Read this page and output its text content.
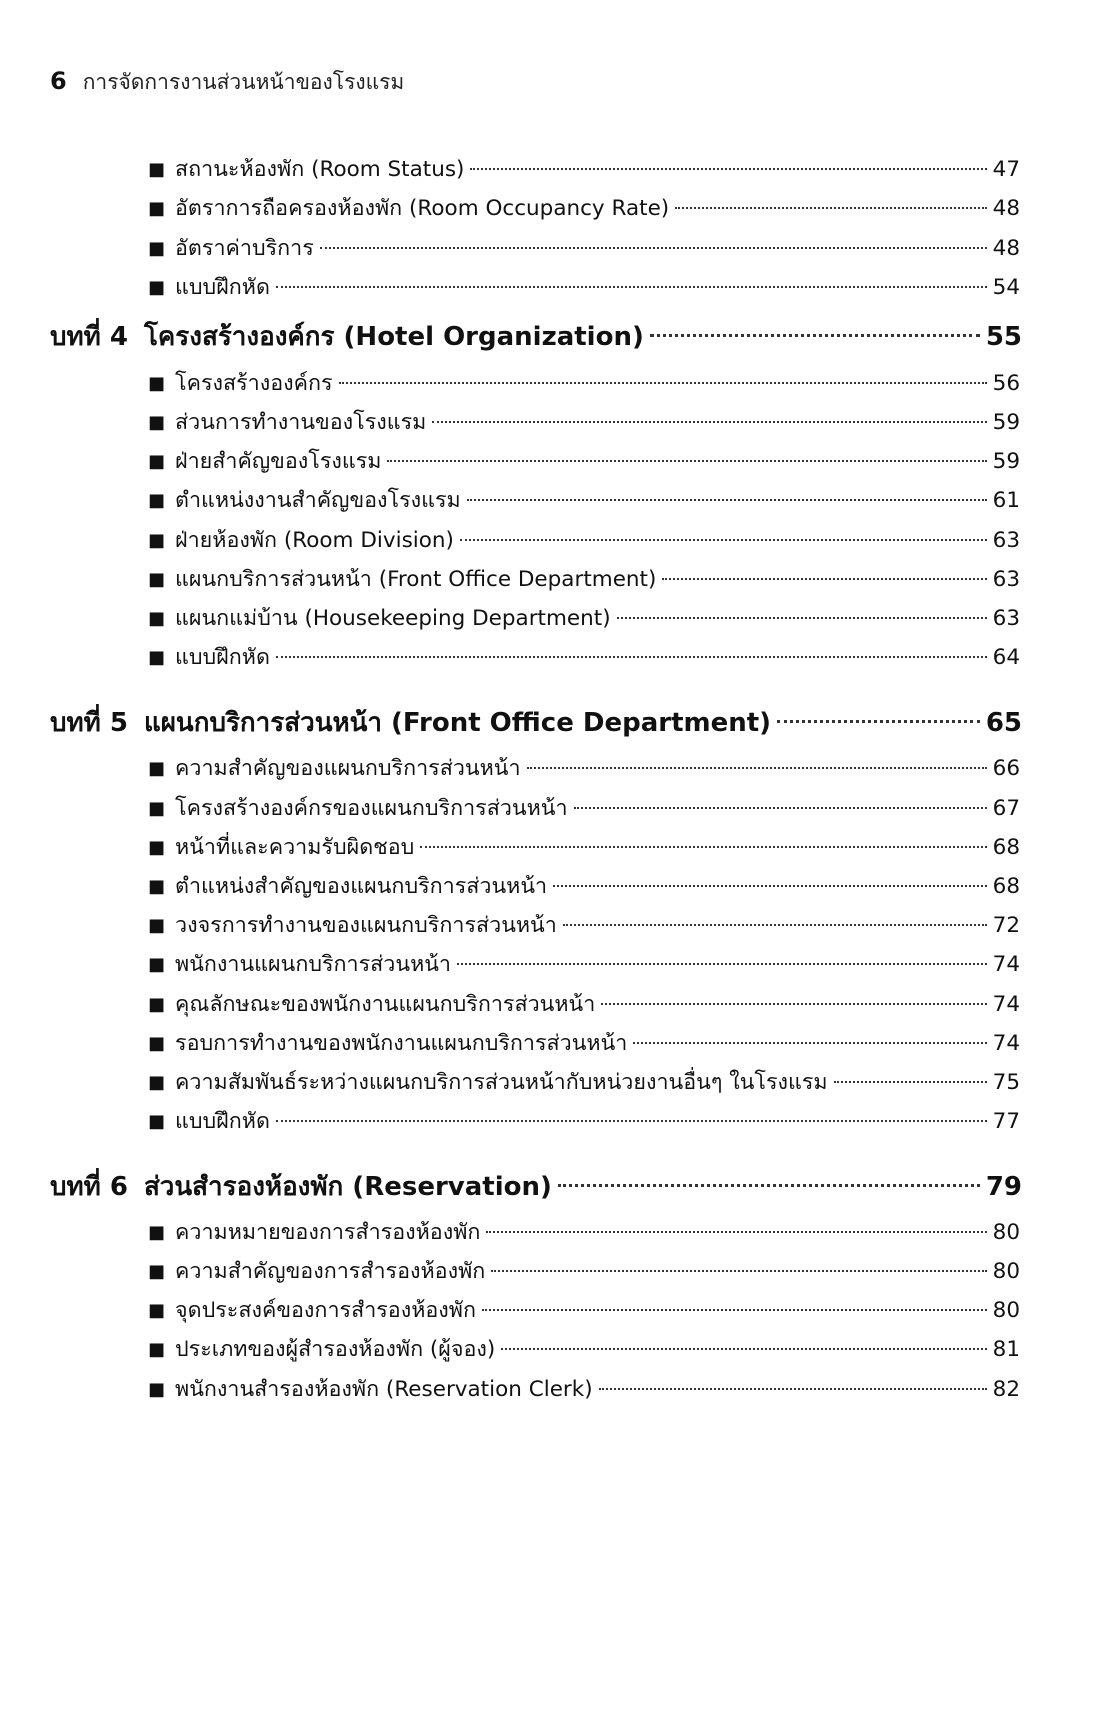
6 การจัดการงานส่วนหน้าของโรงแรม
■ สถานะห้องพัก (Room Status)	47
■ อัตราการถือครองห้องพัก (Room Occupancy Rate)	48
■ อัตราค่าบริการ	48
■ แบบฝึกหัด	54
บทที่ 4 โครงสร้างองค์กร (Hotel Organization)	55
■ โครงสร้างองค์กร	56
■ ส่วนการทำงานของโรงแรม	59
■ ฝ่ายสำคัญของโรงแรม	59
■ ตำแหน่งงานสำคัญของโรงแรม	61
■ ฝ่ายห้องพัก (Room Division)	63
■ แผนกบริการส่วนหน้า (Front Office Department)	63
■ แผนกแม่บ้าน (Housekeeping Department)	63
■ แบบฝึกหัด	64
บทที่ 5 แผนกบริการส่วนหน้า (Front Office Department)	65
■ ความสำคัญของแผนกบริการส่วนหน้า	66
■ โครงสร้างองค์กรของแผนกบริการส่วนหน้า	67
■ หน้าที่และความรับผิดชอบ	68
■ ตำแหน่งสำคัญของแผนกบริการส่วนหน้า	68
■ วงจรการทำงานของแผนกบริการส่วนหน้า	72
■ พนักงานแผนกบริการส่วนหน้า	74
■ คุณลักษณะของพนักงานแผนกบริการส่วนหน้า	74
■ รอบการทำงานของพนักงานแผนกบริการส่วนหน้า	74
■ ความสัมพันธ์ระหว่างแผนกบริการส่วนหน้ากับหน่วยงานอื่นๆ ในโรงแรม	75
■ แบบฝึกหัด	77
บทที่ 6 ส่วนสำรองห้องพัก (Reservation)	79
■ ความหมายของการสำรองห้องพัก	80
■ ความสำคัญของการสำรองห้องพัก	80
■ จุดประสงค์ของการสำรองห้องพัก	80
■ ประเภทของผู้สำรองห้องพัก (ผู้จอง)	81
■ พนักงานสำรองห้องพัก (Reservation Clerk)	82
